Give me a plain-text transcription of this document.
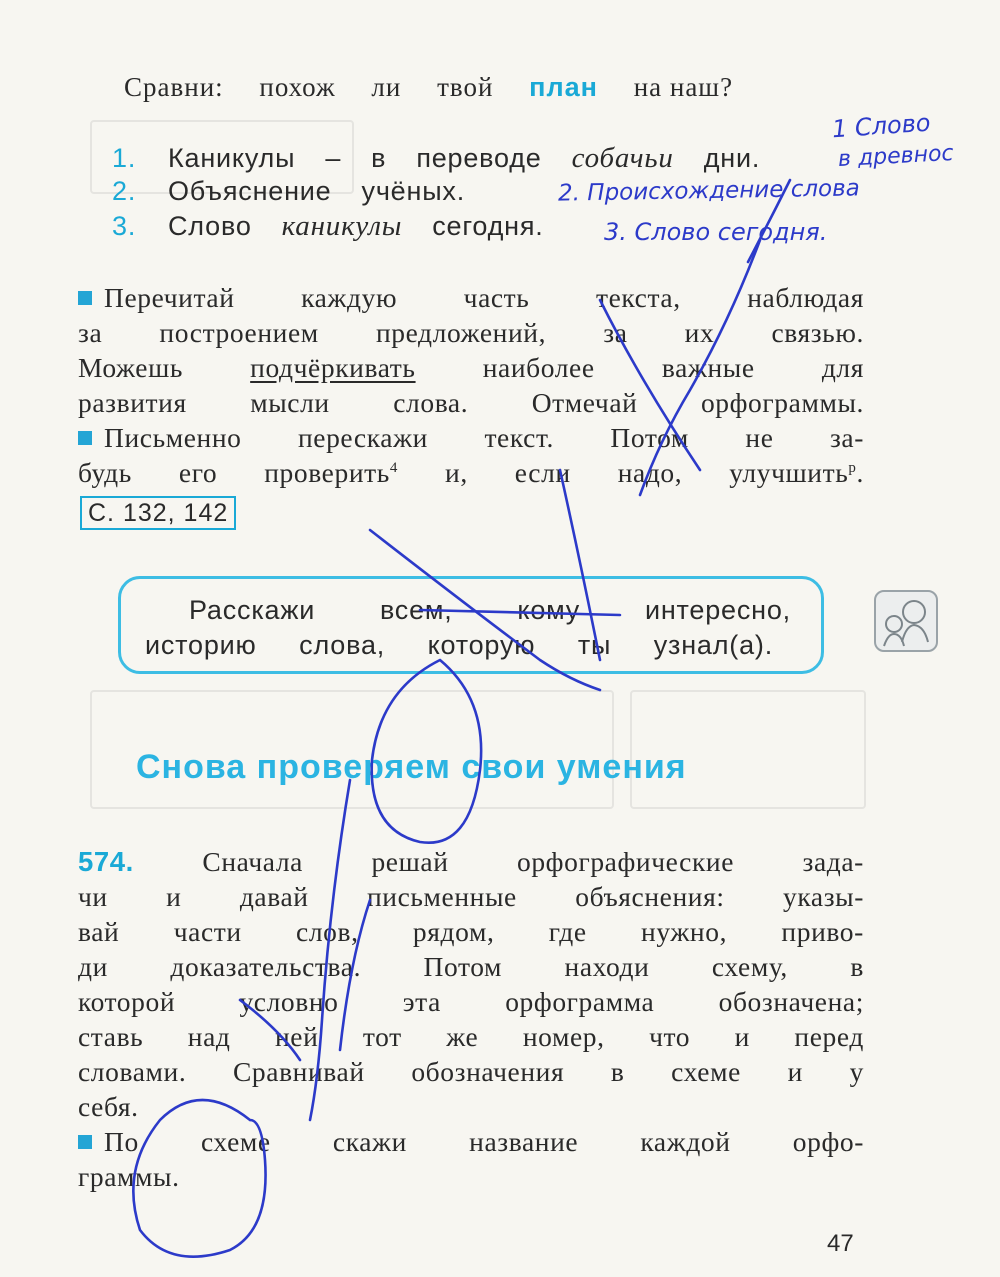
Сравни: похож ли твой план на наш?
1. Каникулы – в переводе собачьи дни.
2. Объяснение учёных.
3. Слово каникулы сегодня.
1 Слово
в древнос
2. Происхождение слова
3. Слово сегодня.
Перечитай каждую часть текста, наблюдая
за построением предложений, за их связью.
Можешь подчёркивать наиболее важные для
развития мысли слова. Отмечай орфограммы.
Письменно перескажи текст. Потом не за-
будь его проверить$^4$ и, если надо, улучшить$^р$.
С. 132, 142
Расскажи всем, кому интересно,
историю слова, которую ты узнал(а).
Снова проверяем свои умения
574. Сначала решай орфографические зада-
чи и давай письменные объяснения: указы-
вай части слов, рядом, где нужно, приво-
ди доказательства. Потом находи схему, в
которой условно эта орфограмма обозначена;
ставь над ней тот же номер, что и перед
словами. Сравнивай обозначения в схеме и у
себя.
По схеме скажи название каждой орфо-
граммы.
47
